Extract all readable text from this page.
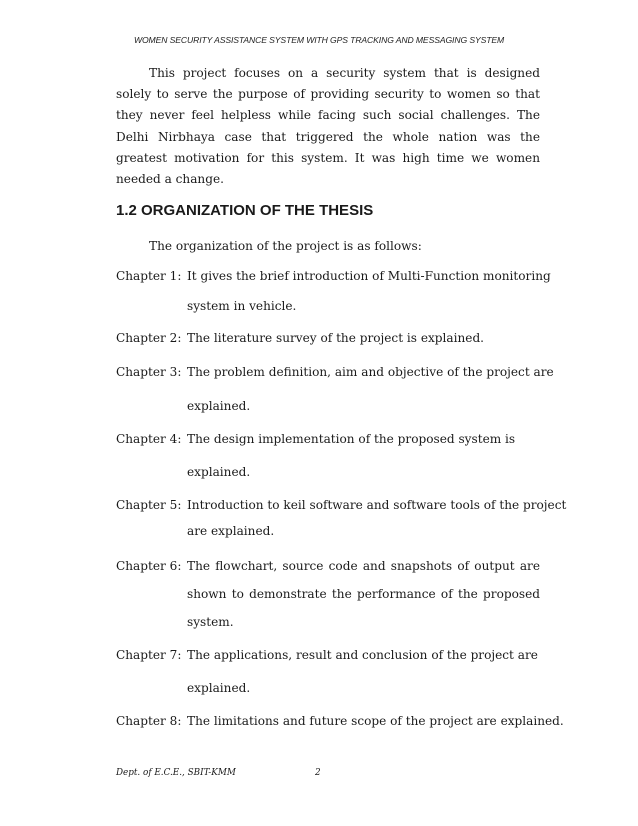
WOMEN SECURITY ASSISTANCE SYSTEM WITH GPS TRACKING AND MESSAGING SYSTEM

This project focuses on a security system that is designed solely to serve the purpose of providing security to women so that they never feel helpless while facing such social challenges. The Delhi Nirbhaya case that triggered the whole nation was the greatest motivation for this system. It was high time we women needed a change.

1.2 ORGANIZATION OF THE THESIS

The organization of the project is as follows:

Chapter 1: It gives the brief introduction of Multi-Function monitoring
system in vehicle.
Chapter 2: The literature survey of the project is explained.
Chapter 3: The problem definition, aim and objective of the project are
explained.
Chapter 4: The design implementation of the proposed system is
explained.
Chapter 5: Introduction to keil software and software tools of the project
are explained.
Chapter 6: The flowchart, source code and snapshots of output are
shown to demonstrate the performance of the proposed
system.
Chapter 7: The applications, result and conclusion of the project are
explained.
Chapter 8: The limitations and future scope of the project are explained.
Dept. of E.C.E., SBIT-KMM	2
